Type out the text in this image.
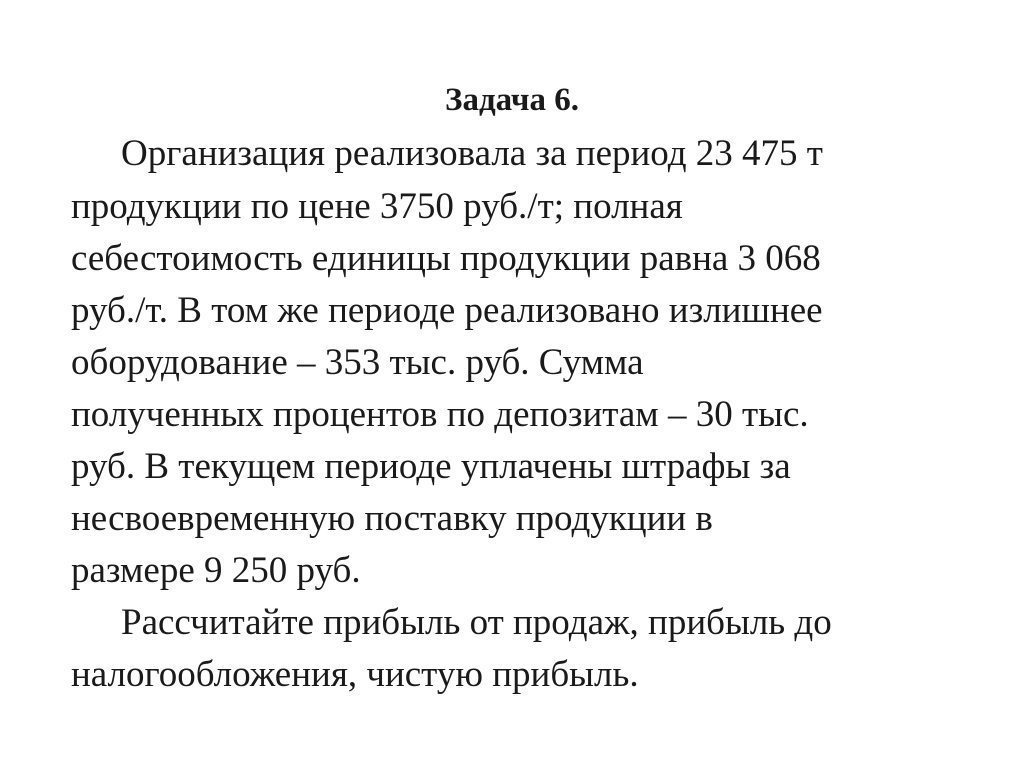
Задача 6.

Организация реализовала за период 23 475 т

продукции по цене 3750 руб./т; полная

себестоимость единицы продукции равна 3 068

руб./т. В том же периоде реализовано излишнее

оборудование – 353 тыс. руб. Сумма

полученных процентов по депозитам – 30 тыс.

руб. В текущем периоде уплачены штрафы за

несвоевременную поставку продукции в

размере 9 250 руб.

Рассчитайте прибыль от продаж, прибыль до

налогообложения, чистую прибыль.
